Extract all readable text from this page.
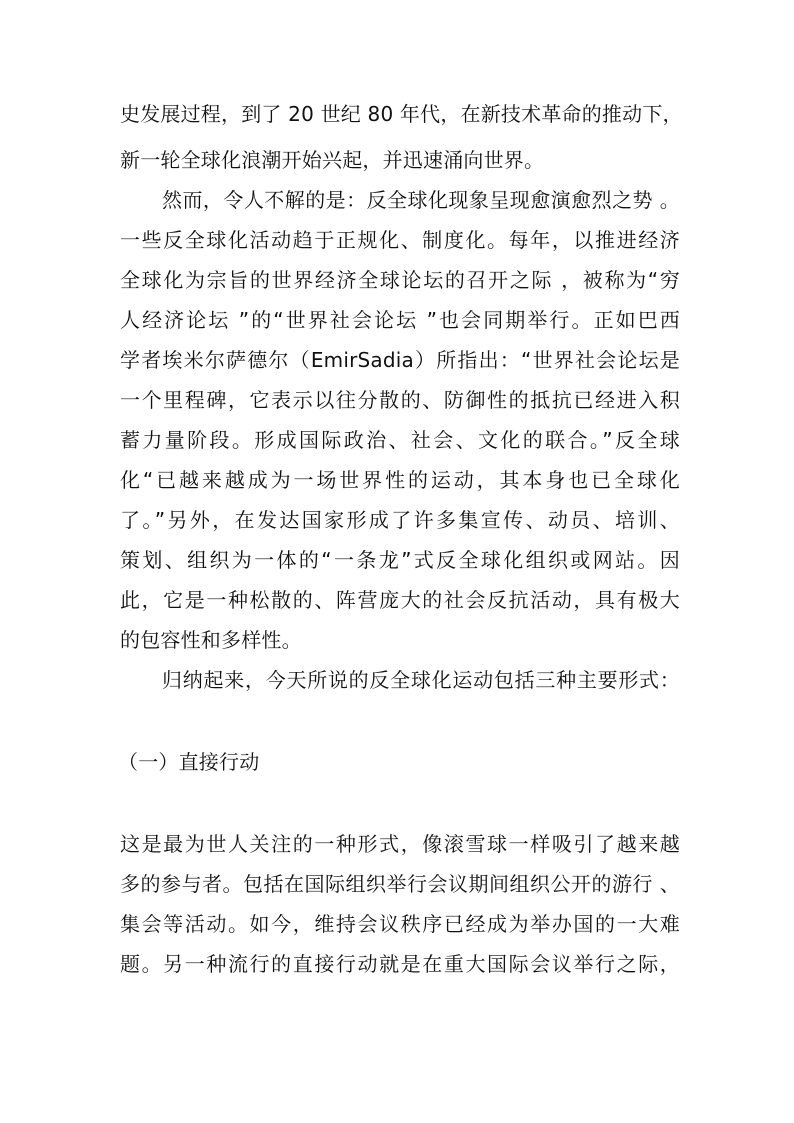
史发展过程，到了 20 世纪 80 年代，在新技术革命的推动下，
新一轮全球化浪潮开始兴起，并迅速涌向世界。
然而，令人不解的是：反全球化现象呈现愈演愈烈之势 。
一些反全球化活动趋于正规化、制度化。每年，以推进经济
全球化为宗旨的世界经济全球论坛的召开之际 ，被称为“穷
人经济论坛 ”的“世界社会论坛 ”也会同期举行。正如巴西
学者埃米尔萨德尔（EmirSadia）所指出：“世界社会论坛是
一个里程碑，它表示以往分散的、防御性的抵抗已经进入积
蓄力量阶段。形成国际政治、社会、文化的联合。”反全球
化“已越来越成为一场世界性的运动，其本身也已全球化
了。”另外，在发达国家形成了许多集宣传、动员、培训、
策划、组织为一体的“一条龙”式反全球化组织或网站。因
此，它是一种松散的、阵营庞大的社会反抗活动，具有极大
的包容性和多样性。
归纳起来，今天所说的反全球化运动包括三种主要形式：
（一）直接行动
这是最为世人关注的一种形式，像滚雪球一样吸引了越来越
多的参与者。包括在国际组织举行会议期间组织公开的游行 、
集会等活动。如今，维持会议秩序已经成为举办国的一大难
题。另一种流行的直接行动就是在重大国际会议举行之际，
